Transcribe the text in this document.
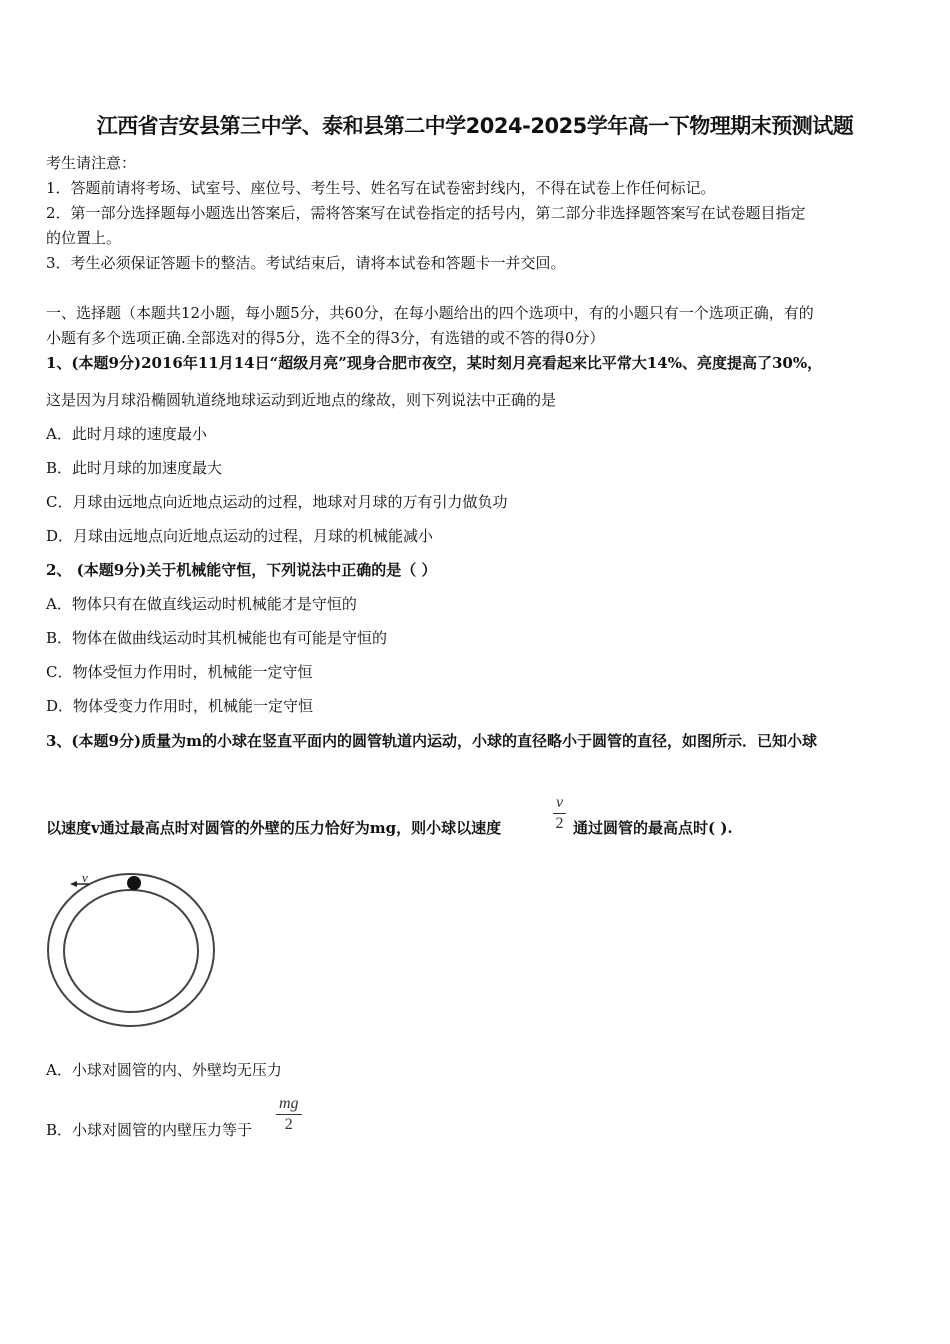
江西省吉安县第三中学、泰和县第二中学2024-2025学年高一下物理期末预测试题
考生请注意：
1．答题前请将考场、试室号、座位号、考生号、姓名写在试卷密封线内，不得在试卷上作任何标记。
2．第一部分选择题每小题选出答案后，需将答案写在试卷指定的括号内，第二部分非选择题答案写在试卷题目指定
的位置上。
3．考生必须保证答题卡的整洁。考试结束后，请将本试卷和答题卡一并交回。
一、选择题（本题共12小题，每小题5分，共60分，在每小题给出的四个选项中，有的小题只有一个选项正确，有的
小题有多个选项正确.全部选对的得5分，选不全的得3分，有选错的或不答的得0分）
1、(本题9分)2016年11月14日“超级月亮”现身合肥市夜空，某时刻月亮看起来比平常大14%、亮度提高了30%，
这是因为月球沿椭圆轨道绕地球运动到近地点的缘故，则下列说法中正确的是
A．此时月球的速度最小
B．此时月球的加速度最大
C．月球由远地点向近地点运动的过程，地球对月球的万有引力做负功
D．月球由远地点向近地点运动的过程，月球的机械能减小
2、 (本题9分)关于机械能守恒，下列说法中正确的是（ ）
A．物体只有在做直线运动时机械能才是守恒的
B．物体在做曲线运动时其机械能也有可能是守恒的
C．物体受恒力作用时，机械能一定守恒
D．物体受变力作用时，机械能一定守恒
3、(本题9分)质量为m的小球在竖直平面内的圆管轨道内运动，小球的直径略小于圆管的直径，如图所示．已知小球
以速度v通过最高点时对圆管的外壁的压力恰好为mg，则小球以速度	$\frac{v}{2}$ 通过圆管的最高点时( ).
v
A．小球对圆管的内、外壁均无压力
B．小球对圆管的内壁压力等于 $\frac{mg}{2}$
